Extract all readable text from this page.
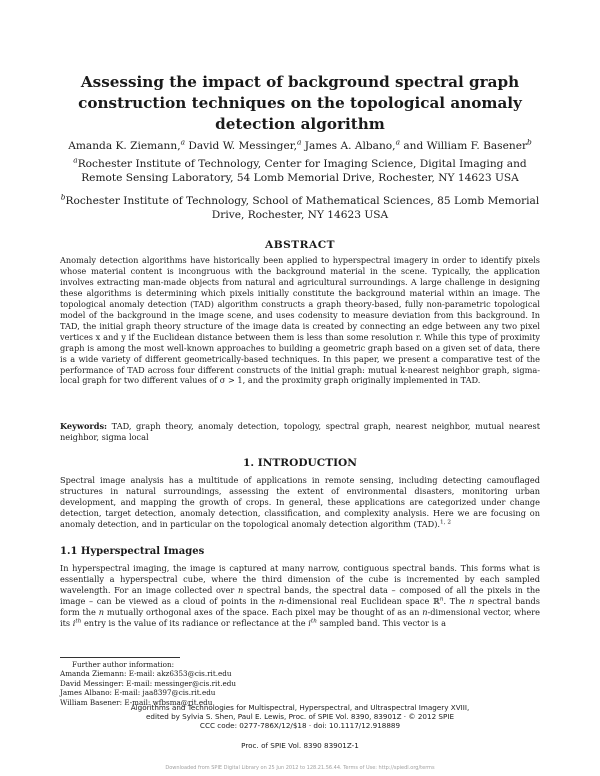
Assessing the impact of background spectral graph construction techniques on the topological anomaly detection algorithm
Amanda K. Ziemann,$^a$ David W. Messinger,$^a$ James A. Albano,$^a$ and William F. Basener$^b$
$^a$Rochester Institute of Technology, Center for Imaging Science, Digital Imaging and Remote Sensing Laboratory, 54 Lomb Memorial Drive, Rochester, NY 14623 USA
$^b$Rochester Institute of Technology, School of Mathematical Sciences, 85 Lomb Memorial Drive, Rochester, NY 14623 USA
ABSTRACT
Anomaly detection algorithms have historically been applied to hyperspectral imagery in order to identify pixels whose material content is incongruous with the background material in the scene. Typically, the application involves extracting man-made objects from natural and agricultural surroundings. A large challenge in designing these algorithms is determining which pixels initially constitute the background material within an image. The topological anomaly detection (TAD) algorithm constructs a graph theory-based, fully non-parametric topological model of the background in the image scene, and uses codensity to measure deviation from this background. In TAD, the initial graph theory structure of the image data is created by connecting an edge between any two pixel vertices x and y if the Euclidean distance between them is less than some resolution r. While this type of proximity graph is among the most well-known approaches to building a geometric graph based on a given set of data, there is a wide variety of different geometrically-based techniques. In this paper, we present a comparative test of the performance of TAD across four different constructs of the initial graph: mutual k-nearest neighbor graph, sigma-local graph for two different values of σ > 1, and the proximity graph originally implemented in TAD.
Keywords: TAD, graph theory, anomaly detection, topology, spectral graph, nearest neighbor, mutual nearest neighbor, sigma local
1. INTRODUCTION
Spectral image analysis has a multitude of applications in remote sensing, including detecting camouflaged structures in natural surroundings, assessing the extent of environmental disasters, monitoring urban development, and mapping the growth of crops. In general, these applications are categorized under change detection, target detection, anomaly detection, classification, and complexity analysis. Here we are focusing on anomaly detection, and in particular on the topological anomaly detection algorithm (TAD).$^{1, 2}$
1.1 Hyperspectral Images
In hyperspectral imaging, the image is captured at many narrow, contiguous spectral bands. This forms what is essentially a hyperspectral cube, where the third dimension of the cube is incremented by each sampled wavelength. For an image collected over n spectral bands, the spectral data – composed of all the pixels in the image – can be viewed as a cloud of points in the n-dimensional real Euclidean space ℝ$^n$. The n spectral bands form the n mutually orthogonal axes of the space. Each pixel may be thought of as an n-dimensional vector, where its $i^{th}$ entry is the value of its radiance or reflectance at the $i^{th}$ sampled band. This vector is a
Further author information:
Amanda Ziemann: E-mail: akz6353@cis.rit.edu
David Messinger: E-mail: messinger@cis.rit.edu
James Albano: E-mail: jaa8397@cis.rit.edu
William Basener: E-mail: wfbsma@rit.edu
Algorithms and Technologies for Multispectral, Hyperspectral, and Ultraspectral Imagery XVIII,
edited by Sylvia S. Shen, Paul E. Lewis, Proc. of SPIE Vol. 8390, 83901Z · © 2012 SPIE
CCC code: 0277-786X/12/$18 · doi: 10.1117/12.918889
Proc. of SPIE Vol. 8390 83901Z-1
Downloaded from SPIE Digital Library on 25 Jun 2012 to 128.21.56.44. Terms of Use: http://spiedl.org/terms
